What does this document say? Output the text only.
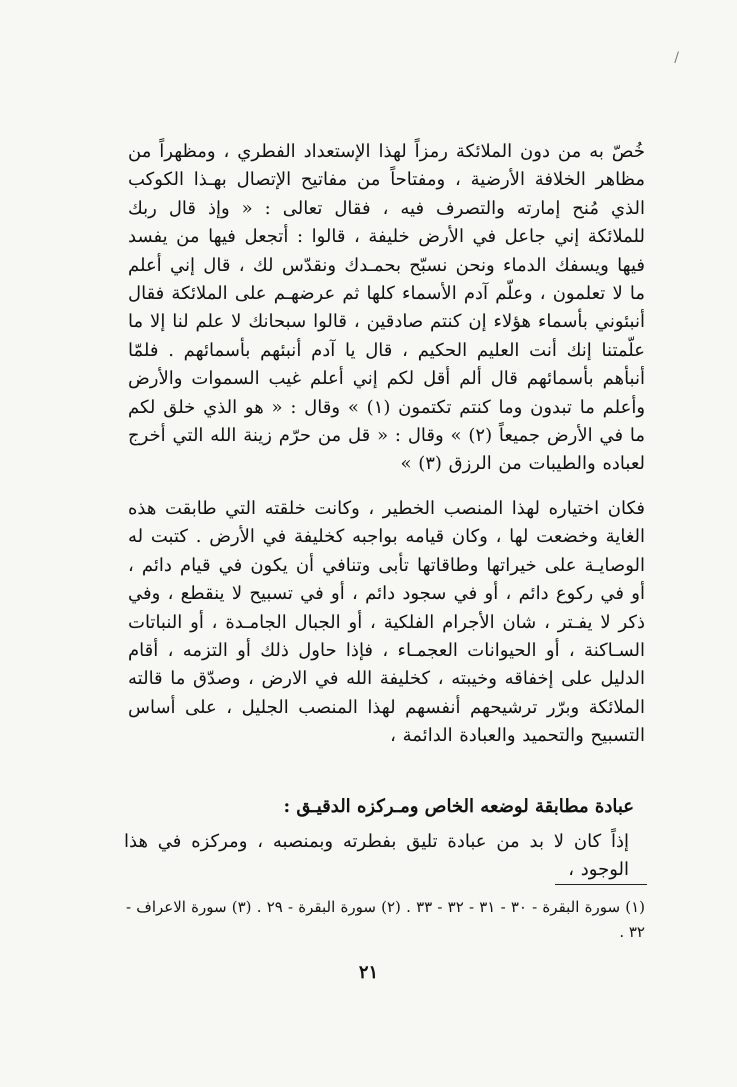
/
خُصّ به من دون الملائكة رمزاً لهذا الإستعداد الفطري ، ومظهراً من مظاهر الخلافة الأرضية ، ومفتاحاً من مفاتيح الإتصال بهـذا الكوكب الذي مُنح إمارته والتصرف فيه ، فقال تعالى : « وإذ قال ربك للملائكة إني جاعل في الأرض خليفة ، قالوا : أتجعل فيها من يفسد فيها ويسفك الدماء ونحن نسبّح بحمـدك ونقدّس لك ، قال إني أعلم ما لا تعلمون ، وعلّم آدم الأسماء كلها ثم عرضهـم على الملائكة فقال أنبئوني بأسماء هؤلاء إن كنتم صادقين ، قالوا سبحانك لا علم لنا إلا ما علّمتنا إنك أنت العليم الحكيم ، قال يا آدم أنبئهم بأسمائهم . فلمّا أنبأهم بأسمائهم قال ألم أقل لكم إني أعلم غيب السموات والأرض وأعلم ما تبدون وما كنتم تكتمون (١) » وقال : « هو الذي خلق لكم ما في الأرض جميعاً (٢) » وقال : « قل من حرّم زينة الله التي أخرج لعباده والطيبات من الرزق (٣) »
فكان اختياره لهذا المنصب الخطير ، وكانت خلقته التي طابقت هذه الغاية وخضعت لها ، وكان قيامه بواجبه كخليفة في الأرض . كتبت له الوصايـة على خيراتها وطاقاتها تأبى وتنافي أن يكون في قيام دائم ، أو في ركوع دائم ، أو في سجود دائم ، أو في تسبيح لا ينقطع ، وفي ذكر لا يفـتر ، شان الأجرام الفلكية ، أو الجبال الجامـدة ، أو النباتات السـاكنة ، أو الحيوانات العجمـاء ، فإذا حاول ذلك أو التزمه ، أقام الدليل على إخفاقه وخيبته ، كخليفة الله في الارض ، وصدّق ما قالته الملائكة وبرّر ترشيحهم أنفسهم لهذا المنصب الجليل ، على أساس التسبيح والتحميد والعبادة الدائمة ،
عبادة مطابقة لوضعه الخاص ومـركزه الدقيـق :
إذاً كان لا بد من عبادة تليق بفطرته وبمنصبه ، ومركزه في هذا الوجود ،
(١) سورة البقرة - ٣٠ - ٣١ - ٣٢ - ٣٣ . (٢) سورة البقرة - ٢٩ . (٣) سورة الاعراف - ٣٢ .
٢١
